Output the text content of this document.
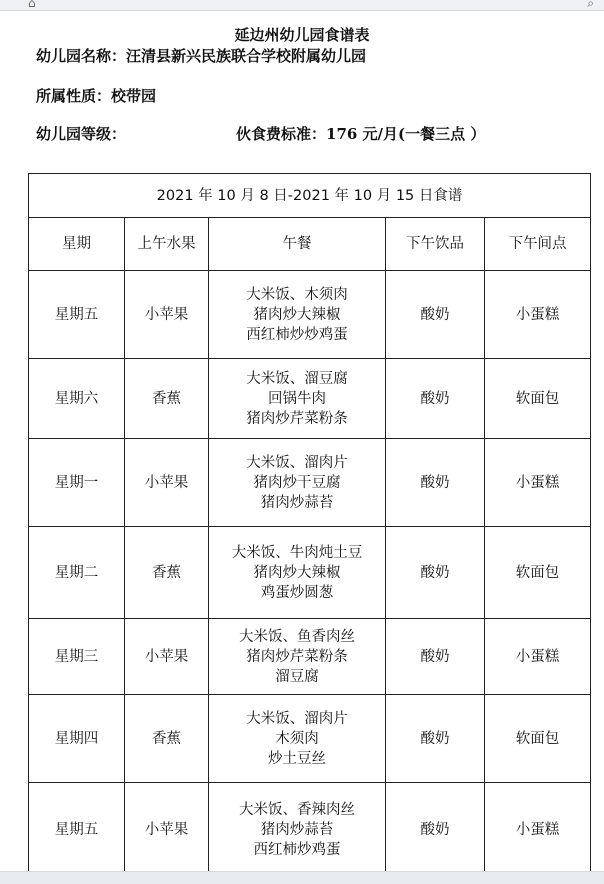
⌂	⌕
延边州幼儿园食谱表
幼儿园名称：汪清县新兴民族联合学校附属幼儿园
所属性质：校带园
幼儿园等级：	伙食费标准：176 元/月(一餐三点 ）
2021 年 10 月 8 日-2021 年 10 月 15 日食谱				
星期	上午水果	午餐	下午饮品	下午间点
星期五	小苹果	大米饭、木须肉
猪肉炒大辣椒
西红柿炒炒鸡蛋	酸奶	小蛋糕
星期六	香蕉	大米饭、溜豆腐
回锅牛肉
猪肉炒芹菜粉条	酸奶	软面包
星期一	小苹果	大米饭、溜肉片
猪肉炒干豆腐
猪肉炒蒜苔	酸奶	小蛋糕
星期二	香蕉	大米饭、牛肉炖土豆
猪肉炒大辣椒
鸡蛋炒圆葱	酸奶	软面包
星期三	小苹果	大米饭、鱼香肉丝
猪肉炒芹菜粉条
溜豆腐	酸奶	小蛋糕
星期四	香蕉	大米饭、溜肉片
木须肉
炒土豆丝	酸奶	软面包
星期五	小苹果	大米饭、香辣肉丝
猪肉炒蒜苔
西红柿炒鸡蛋	酸奶	小蛋糕
